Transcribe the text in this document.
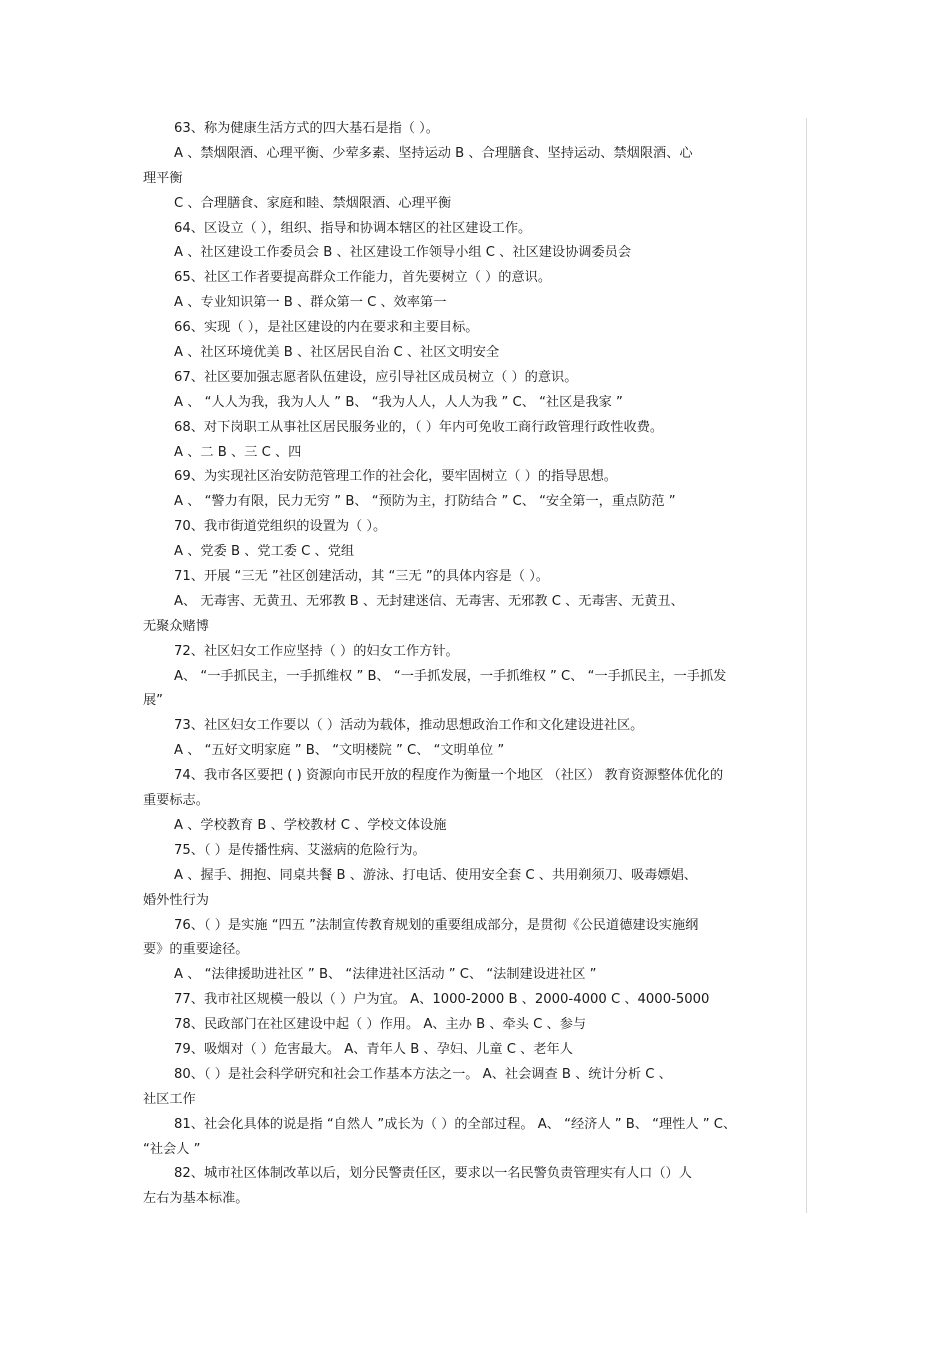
63、称为健康生活方式的四大基石是指（ ）。
A 、禁烟限酒、心理平衡、少荤多素、坚持运动 B 、合理膳食、坚持运动、禁烟限酒、心
理平衡
C 、合理膳食、家庭和睦、禁烟限酒、心理平衡
64、区设立（ ），组织、指导和协调本辖区的社区建设工作。
A 、社区建设工作委员会 B 、社区建设工作领导小组 C 、社区建设协调委员会
65、社区工作者要提高群众工作能力，首先要树立（ ）的意识。
A 、专业知识第一 B 、群众第一 C 、效率第一
66、实现（ ），是社区建设的内在要求和主要目标。
A 、社区环境优美 B 、社区居民自治 C 、社区文明安全
67、社区要加强志愿者队伍建设，应引导社区成员树立（ ）的意识。
A 、 “人人为我，我为人人 ” B、 “我为人人，人人为我 ” C、 “社区是我家 ”
68、对下岗职工从事社区居民服务业的，（ ）年内可免收工商行政管理行政性收费。
A 、二 B 、三 C 、四
69、为实现社区治安防范管理工作的社会化，要牢固树立（ ）的指导思想。
A 、 “警力有限，民力无穷 ” B、 “预防为主，打防结合 ” C、 “安全第一，重点防范 ”
70、我市街道党组织的设置为（ ）。
A 、党委 B 、党工委 C 、党组
71、开展 “三无 ”社区创建活动，其 “三无 ”的具体内容是（ ）。
A、 无毒害、无黄丑、无邪教 B 、无封建迷信、无毒害、无邪教 C 、无毒害、无黄丑、
无聚众赌博
72、社区妇女工作应坚持（ ）的妇女工作方针。
A、 “一手抓民主，一手抓维权 ” B、 “一手抓发展，一手抓维权 ” C、 “一手抓民主，一手抓发
展”
73、社区妇女工作要以（ ）活动为载体，推动思想政治工作和文化建设进社区。
A 、 “五好文明家庭 ” B、 “文明楼院 ” C、 “文明单位 ”
74、我市各区要把 ( ) 资源向市民开放的程度作为衡量一个地区 （社区） 教育资源整体优化的
重要标志。
A 、学校教育 B 、学校教材 C 、学校文体设施
75、（ ）是传播性病、艾滋病的危险行为。
A 、握手、拥抱、同桌共餐 B 、游泳、打电话、使用安全套 C 、共用剃须刀、吸毒嫖娼、
婚外性行为
76、（ ）是实施 “四五 ”法制宣传教育规划的重要组成部分，是贯彻《公民道德建设实施纲
要》的重要途径。
A 、 “法律援助进社区 ” B、 “法律进社区活动 ” C、 “法制建设进社区 ”
77、我市社区规模一般以（ ）户为宜。 A、1000-2000 B 、2000-4000 C 、4000-5000
78、民政部门在社区建设中起（ ）作用。 A、主办 B 、牵头 C 、参与
79、吸烟对（ ）危害最大。 A、青年人 B 、孕妇、儿童 C 、老年人
80、（ ）是社会科学研究和社会工作基本方法之一。 A、社会调查 B 、统计分析 C 、
社区工作
81、社会化具体的说是指 “自然人 ”成长为（ ）的全部过程。 A、 “经济人 ” B、 “理性人 ” C、
“社会人 ”
82、城市社区体制改革以后，划分民警责任区，要求以一名民警负责管理实有人口（）人
左右为基本标准。
